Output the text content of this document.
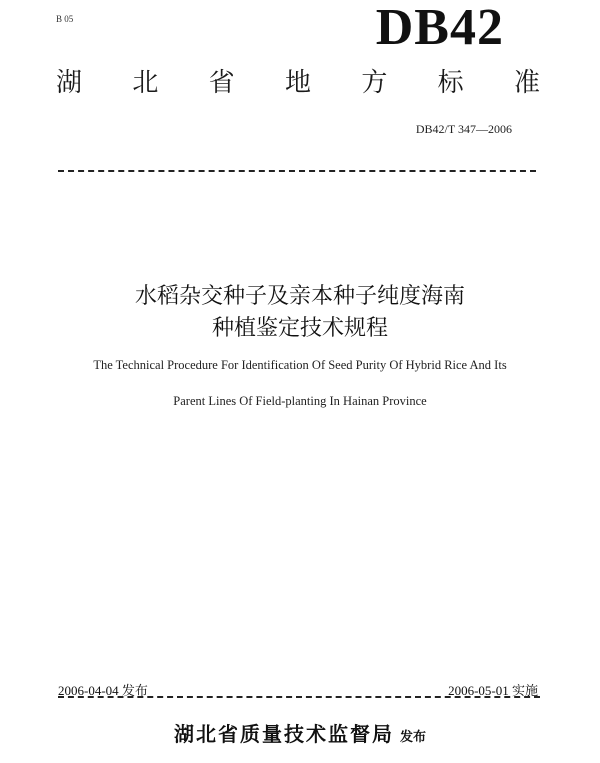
B 05	DB42
湖 北 省 地 方 标 准
DB42/T 347—2006
水稻杂交种子及亲本种子纯度海南
种植鉴定技术规程
The Technical Procedure For Identification Of Seed Purity Of Hybrid Rice And Its
Parent Lines Of Field-planting In Hainan Province
2006-04-04 发布	2006-05-01 实施
湖北省质量技术监督局 发布
